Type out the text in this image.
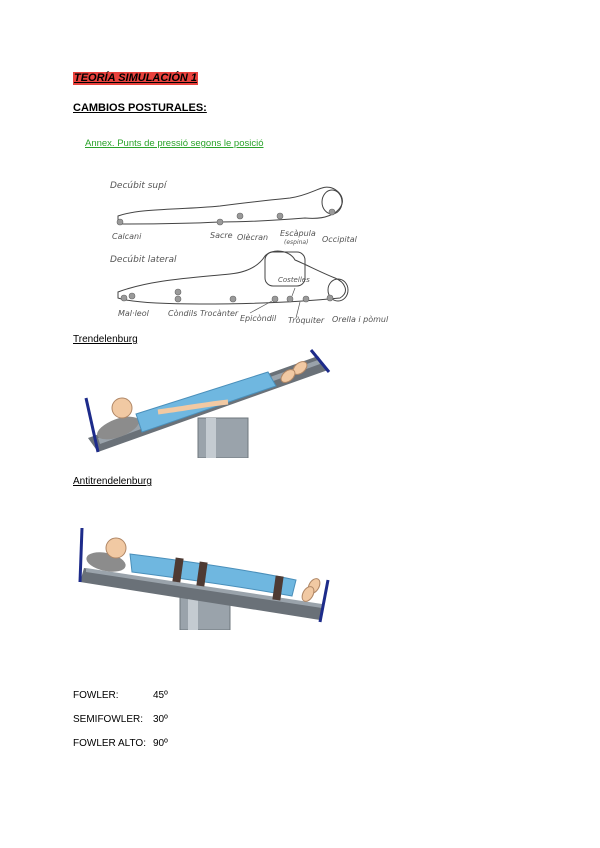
TEORÍA SIMULACIÓN 1
CAMBIOS POSTURALES:
Annex. Punts de pressió segons le posició
Decúbit supí
Calcani	Sacre Olècran Escàpula
(espina) Occipital
Decúbit lateral
Mal·leol Còndils Trocànter
Epicòndil
Costelles
Tròquiter Orella i pòmul
Trendelenburg
Antitrendelenburg
FOWLER:	45º
SEMIFOWLER: 30º
FOWLER ALTO: 90º
